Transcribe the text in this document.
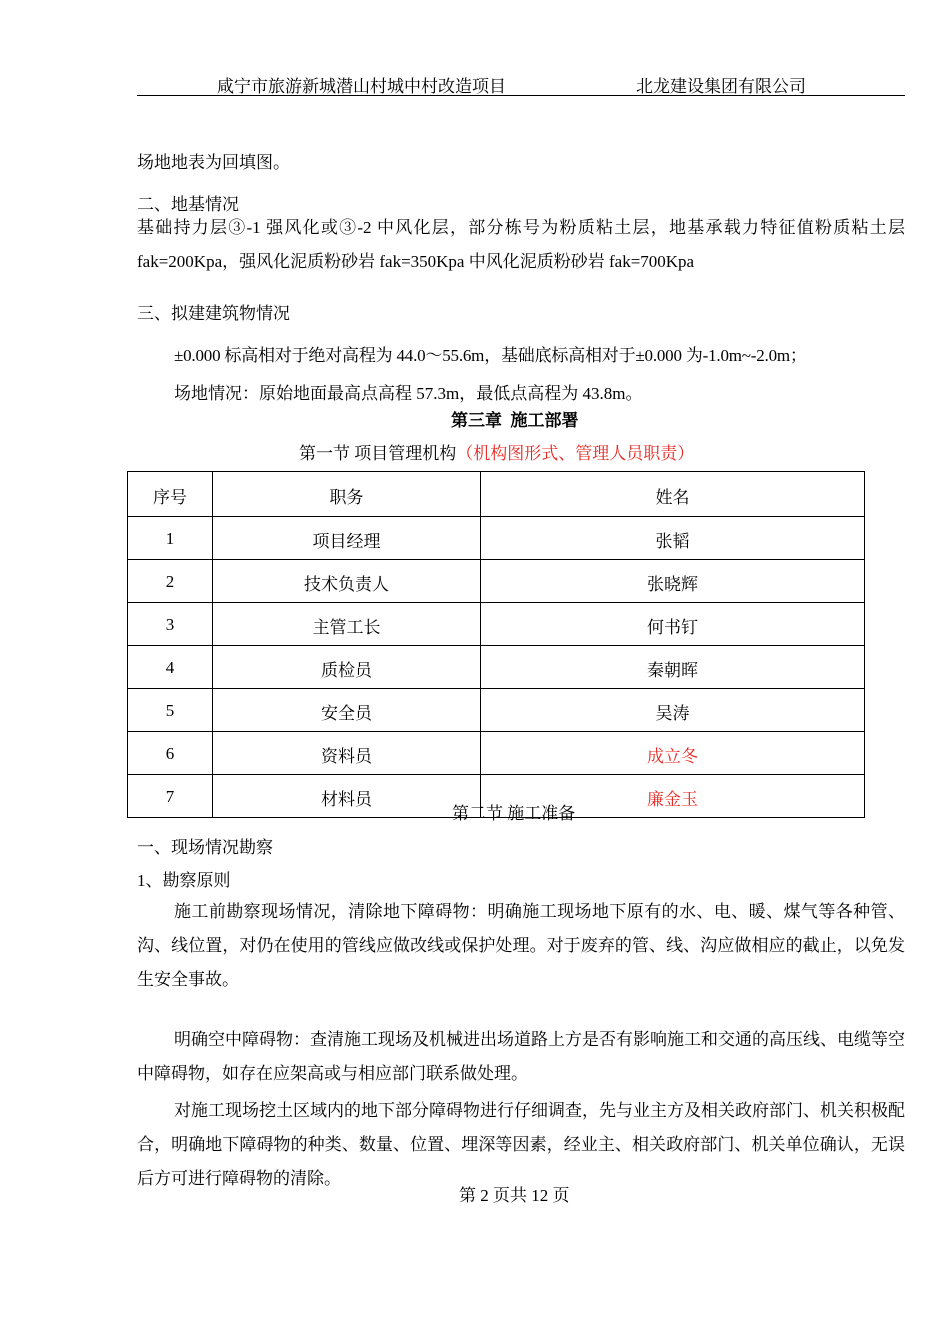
咸宁市旅游新城潜山村城中村改造项目	北龙建设集团有限公司
场地地表为回填图。
二、地基情况
基础持力层③-1 强风化或③-2 中风化层，部分栋号为粉质粘土层，地基承载力特征值粉质粘土层 fak=200Kpa，强风化泥质粉砂岩 fak=350Kpa 中风化泥质粉砂岩 fak=700Kpa
三、拟建建筑物情况
±0.000 标高相对于绝对高程为 44.0～55.6m，基础底标高相对于±0.000 为-1.0m~-2.0m；
场地情况：原始地面最高点高程 57.3m，最低点高程为 43.8m。
第三章  施工部署
第一节 项目管理机构（机构图形式、管理人员职责）
序号	职务	姓名
1	项目经理	张韬
2	技术负责人	张晓辉
3	主管工长	何书钉
4	质检员	秦朝晖
5	安全员	吴涛
6	资料员	成立冬
7	材料员	廉金玉
第二节 施工准备
一、现场情况勘察
1、勘察原则
施工前勘察现场情况，清除地下障碍物：明确施工现场地下原有的水、电、暖、煤气等各种管、沟、线位置，对仍在使用的管线应做改线或保护处理。对于废弃的管、线、沟应做相应的截止，以免发生安全事故。
明确空中障碍物：查清施工现场及机械进出场道路上方是否有影响施工和交通的高压线、电缆等空中障碍物，如存在应架高或与相应部门联系做处理。
对施工现场挖土区域内的地下部分障碍物进行仔细调查，先与业主方及相关政府部门、机关积极配合，明确地下障碍物的种类、数量、位置、埋深等因素，经业主、相关政府部门、机关单位确认，无误后方可进行障碍物的清除。
第 2 页共 12 页
